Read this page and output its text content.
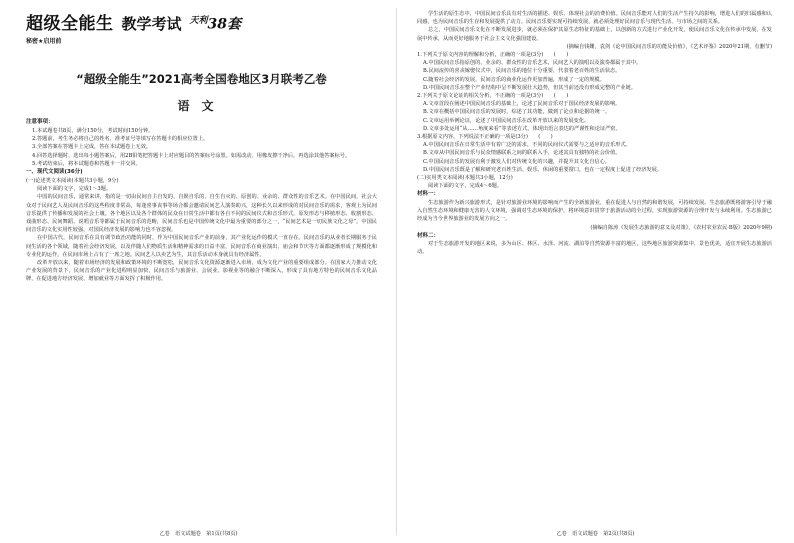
超级全能生 教学考试 $^{天利}$38套
秘密★启用前
“超级全能生”2021高考全国卷地区3月联考乙卷
语文
注意事项：
1.本试题卷共8页，满分150分，考试时间150分钟。
2.答题前，考生务必将自己的姓名、准考证号等填写在答题卡的相应位置上。
3.全部答案在答题卡上完成，答在本试题卷上无效。
4.回答选择题时，选出每小题答案后，用2B铅笔把答题卡上对应题目的答案标号涂黑。如需改动，用橡皮擦干净后，再选涂其他答案标号。
5.考试结束后，将本试题卷和答题卡一并交回。
一、现代文阅读(36分)
(一)论述类文本阅读(本题共3小题，9分)
阅读下面的文字，完成1～3题。

中国的民间音乐，通常来讲，指的是一切由民间自主自发的、自娱自乐的、自生自灭的、原创的、业余的、群众性的音乐艺术。在中国民间，社会大众对于民间艺人及民间音乐的这些程度非常高，每逢喜事丧事等场合都会邀请民间艺人演奏助兴，这种长久以来形成的对民间音乐的需求，客观上为民间音乐提供了传播和发展的社会土壤。各个地区以及各个群体的民众在日常生活中都有各自不同的民间仪式和音乐形式。原发形态与移植形态、收割形态、戏曲形态、民间舞蹈、说唱音乐等都属于民间音乐的范畴，民间音乐也是中国传统文化中最为重要的部分之一，“民间艺术是一切民族文化之母”。中国民间音乐的文化实用性较强，对国民经济发展的影响力也不容忽视。

在中国古代，民间音乐在具有调节政治功能的同时，作为中国民间音乐产业的前身，其产业化运作的模式一直存在。民间音乐的从业者长期服务于民间生活的各个领域，随着社会经济发展，以及伴随人们物质生活和精神需求的日益丰富，民间音乐在商业演出、庙会和节庆等方面都逐渐形成了规模化和专业化的运作，在民间市场上占有了一席之地。民间艺人以卖艺为生，其音乐活动本身就具有经济属性。

改革开放以来，随着市场经济的发展和政策环境的不断宽松，民间音乐文化资源逐渐进入市场，成为文化产业的重要组成部分。在国家大力推动文化产业发展的背景下，民间音乐的产业化进程明显加快，民间音乐与旅游业、会展业、影视业等的融合不断深入，形成了具有地方特色的民间音乐文化品牌，在促进地方经济发展、增加就业等方面发挥了积极作用。

乙卷　语文试题卷　第1页(共8页)

学生活的原生态中，中国民间音乐具有对生活的描述、娱乐、体现社会的消费价值。民间音乐能对人们的生活产生持久的影响，增进人们的归属感和认同感，也为民间音乐的生存和发展提供了动力。民间音乐要实现可持续发展，就必须处理好民间音乐与现代生活、与市场之间的关系。

总之，中国民间音乐文化在不断发展进步，就必须在保护其原生态特征的基础上，以创新的方式进行产业化开发，使民间音乐文化在传承中发展，在发展中传承，从而更好地服务于社会主义文化强国建设。

(摘编自钱姗，袁剑《论中国民间音乐的功能及价值》，《艺术评鉴》2020年21期，有删节)
1.下列关于原文内容的理解和分析，正确的一项是(3分)　　(　　)
A.中国民间音乐指原创的、业余的、群众性的音乐艺术，民间艺人的演唱以及演奏都属于其中。
B.民间流传的喜丧嫁娶仪式中，民间音乐的地位十分重要，代表着老百姓的生活状态。
C.随着社会经济的发展，民间音乐的商业化运作更加普遍，形成了一定的规模。
D.中国民间音乐在整个产业结构中呈不断发展壮大趋势，但其当前还没有形成完整的产业链。
2.下列关于原文论证的相关分析，不正确的一项是(3分)　　(　　)
A.文章首段在阐述中国民间音乐的基础上，论述了民间音乐对于国民经济发展的影响。
B.文章在概括中国民间音乐的发展时，综述了其功能，做到了论点和论据的统一。
C.文章运用举例论证，论述了中国民间音乐在改革开放以来的发展变化。
D.文章多处运用“从……角度来看”等表述方式，体现出语言表达的严谨性和论证严密。
3.根据原文内容，下列说法不正确的一项是(3分)　　(　　)
A.中国民间音乐在日常生活中有着广泛的需求，不同的民间仪式需要与之适应的音乐形式。
B.文章从中国民间音乐与民众情感联系之间的联系入手，论述其具有独特的社会价值。
C.中国民间音乐的发展有利于激发人们对传统文化的兴趣，并提升其文化自信心。
D.中国民间音乐既是了解和研究老百姓生活、娱乐、休闲的重要窗口，也在一定程度上促进了经济发展。
(二)实用类文本阅读(本题共3小题，12分)
阅读下面的文字，完成4～6题。
材料一：

生态旅游作为新兴旅游形式，是针对旅游业环境的影响而产生的全新旅游业，重在促进人与自然的和谐发展，可持续发展。生态旅游既将游客引导于融入自然生态环境和健康无害的人文环境，强调对生态环境的保护，将环境意识贯穿于旅游活动的全过程，实现旅游资源的合理开发与永续利用。生态旅游已经成为当今世界旅游业的发展方向之一。

(摘编自陈涛《发展生态旅游的意义及对策》，《农村农业农民·B版》2020年9期)
材料二：

对于生态旅游开发的地区来说，多为山区、林区、水泽、河流、湖泊等自然资源丰富的地区，这些地区旅游资源集中，景色优美，适宜开展生态旅游活动。

乙卷　语文试题卷　第2页(共8页)
